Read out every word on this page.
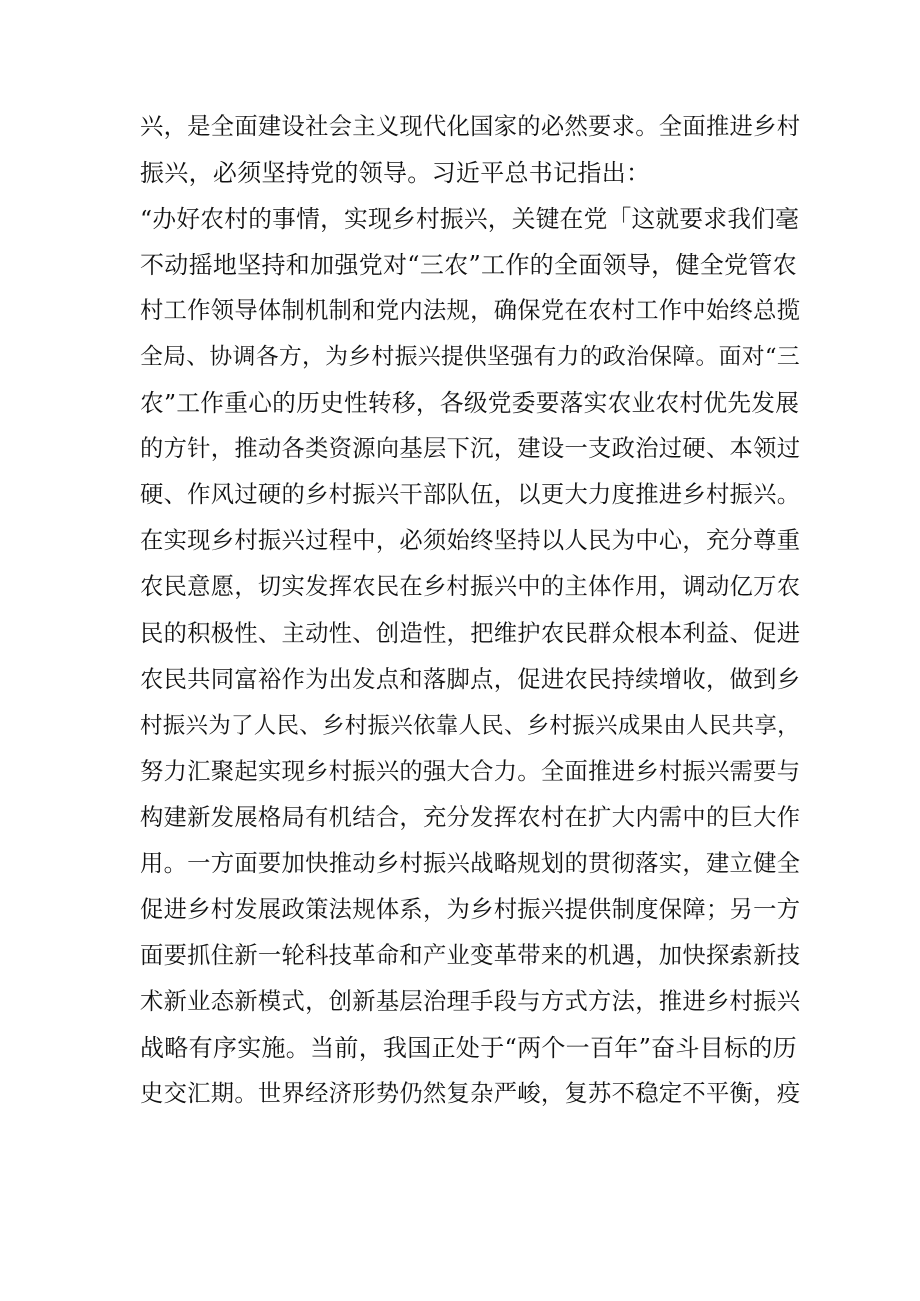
兴，是全面建设社会主义现代化国家的必然要求。全面推进乡村
振兴，必须坚持党的领导。习近平总书记指出：
“办好农村的事情，实现乡村振兴，关键在党「这就要求我们毫
不动摇地坚持和加强党对“三农”工作的全面领导，健全党管农
村工作领导体制机制和党内法规，确保党在农村工作中始终总揽
全局、协调各方，为乡村振兴提供坚强有力的政治保障。面对“三
农”工作重心的历史性转移，各级党委要落实农业农村优先发展
的方针，推动各类资源向基层下沉，建设一支政治过硬、本领过
硬、作风过硬的乡村振兴干部队伍，以更大力度推进乡村振兴。
在实现乡村振兴过程中，必须始终坚持以人民为中心，充分尊重
农民意愿，切实发挥农民在乡村振兴中的主体作用，调动亿万农
民的积极性、主动性、创造性，把维护农民群众根本利益、促进
农民共同富裕作为出发点和落脚点，促进农民持续增收，做到乡
村振兴为了人民、乡村振兴依靠人民、乡村振兴成果由人民共享，
努力汇聚起实现乡村振兴的强大合力。全面推进乡村振兴需要与
构建新发展格局有机结合，充分发挥农村在扩大内需中的巨大作
用。一方面要加快推动乡村振兴战略规划的贯彻落实，建立健全
促进乡村发展政策法规体系，为乡村振兴提供制度保障；另一方
面要抓住新一轮科技革命和产业变革带来的机遇，加快探索新技
术新业态新模式，创新基层治理手段与方式方法，推进乡村振兴
战略有序实施。当前，我国正处于“两个一百年”奋斗目标的历
史交汇期。世界经济形势仍然复杂严峻，复苏不稳定不平衡，疫
